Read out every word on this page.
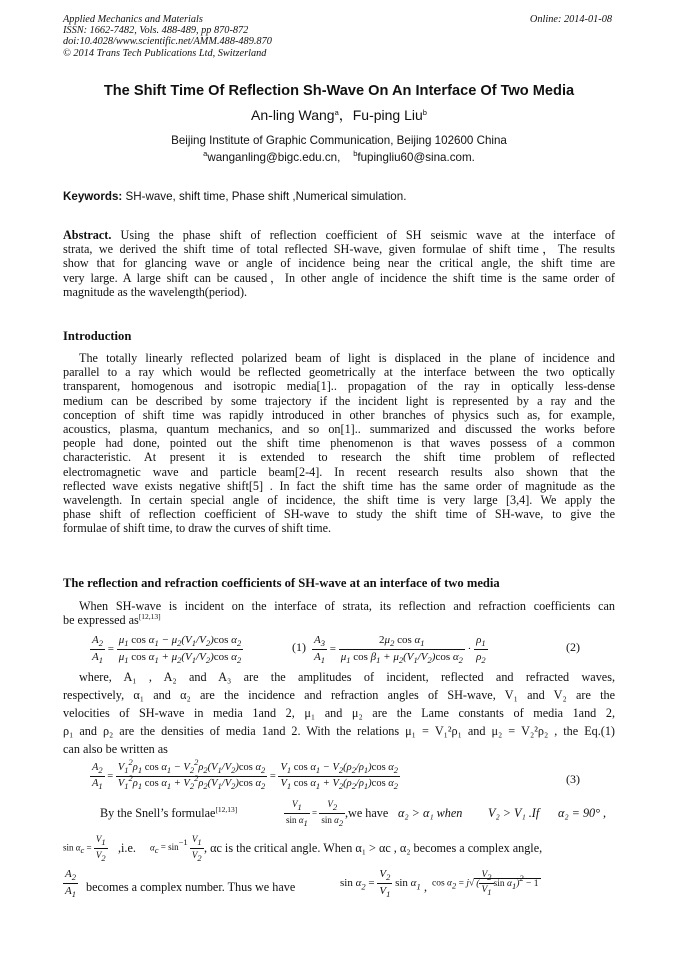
Applied Mechanics and Materials
ISSN: 1662-7482, Vols. 488-489, pp 870-872
doi:10.4028/www.scientific.net/AMM.488-489.870
© 2014 Trans Tech Publications Ltd, Switzerland
Online: 2014-01-08
The Shift Time Of Reflection Sh-Wave On An Interface Of Two Media
An-ling Wang$^a$，Fu-ping Liu$^b$
Beijing Institute of Graphic Communication, Beijing 102600 China
$^a$wanganling@bigc.edu.cn, $^b$fupingliu60@sina.com.
Keywords: SH-wave, shift time, Phase shift ,Numerical simulation.
Abstract. Using the phase shift of reflection coefficient of SH seismic wave at the interface of
strata, we derived the shift time of total reflected SH-wave, given formulae of shift time，The results
show that for glancing wave or angle of incidence being near the critical angle, the shift time are
very large. A large shift can be caused，In other angle of incidence the shift time is the same order of
magnitude as the wavelength(period).
Introduction
The totally linearly reflected polarized beam of light is displaced in the plane of incidence and
parallel to a ray which would be reflected geometrically at the interface between the two optically
transparent, homogenous and isotropic media[1].. propagation of the ray in optically less-dense
medium can be described by some trajectory if the incident light is represented by a ray and the
conception of shift time was rapidly introduced in other branches of physics such as, for example,
acoustics, plasma, quantum mechanics, and so on[1].. summarized and discussed the works before
people had done, pointed out the shift time phenomenon is that waves possess of a common
characteristic. At present it is extended to research the shift time problem of reflected
electromagnetic wave and particle beam[2-4]. In recent research results also shown that the
reflected wave exists negative shift[5] . In fact the shift time has the same order of magnitude as the
wavelength. In certain special angle of incidence, the shift time is very large [3,4]. We apply the
phase shift of reflection coefficient of SH-wave to study the shift time of SH-wave, to give the
formulae of shift time, to draw the curves of shift time.
The reflection and refraction coefficients of SH-wave at an interface of two media
When SH-wave is incident on the interface of strata, its reflection and refraction coefficients can
be expressed as[12,13]
$\frac{A_2}{A_1} = \frac{\mu_1 \cos \alpha_1 - \mu_2(V_1/V_2)\cos \alpha_2}{\mu_1 \cos \alpha_1 + \mu_2(V_1/V_2)\cos \alpha_2}$	$(1) \frac{A_3}{A_1} = \frac{2\mu_2 \cos \alpha_1}{\mu_1 \cos \beta_1 + \mu_2(V_1/V_2)\cos \alpha_2} \cdot \frac{\rho_1}{\rho_2}$	(2)
where, A₁ , A₂ and A₃ are the amplitudes of incident, reflected and refracted waves,
respectively, α₁ and α₂ are the incidence and refraction angles of SH-wave, V₁ and V₂ are the
velocities of SH-wave in media 1and 2, μ₁ and μ₂ are the Lame constants of media 1and 2,
ρ₁ and ρ₂ are the densities of media 1and 2. With the relations μ₁ = V₁²ρ₁ and μ₂ = V₂²ρ₂ , the Eq.(1)
can also be written as
$\frac{A_2}{A_1} = \frac{V_1^2\rho_1 \cos \alpha_1 - V_2^2\rho_2(V_1/V_2)\cos \alpha_2}{V_1^2\rho_1 \cos \alpha_1 + V_2^2\rho_2(V_1/V_2)\cos \alpha_2} = \frac{V_1 \cos \alpha_1 - V_2(\rho_2/\rho_1)\cos \alpha_2}{V_1 \cos \alpha_1 + V_2(\rho_2/\rho_1)\cos \alpha_2}$	(3)
By the Snell’s formulae[12,13]	$\frac{V_1}{\sin \alpha_1} = \frac{V_2}{\sin \alpha_2} ,we$ have α₂ > α₁ when V₂ > V₁ .If α₂ = 90° ,
$\sin \alpha_c = \frac{V_1}{V_2} ,i.e$. $\alpha_c = \sin^{-1} \frac{V_1}{V_2}$ , αc is the critical angle. When α₁ > αc , α₂ becomes a complex angle,
$\frac{A_2}{A_1}$ becomes a complex number. Thus we have	$\sin \alpha_2 = \frac{V_2}{V_1}$ $\sin \alpha_1$ , $\cos \alpha_2 = j√$ ( $\frac{V_2}{V_1}$ $\sin \alpha_1)^2 - 1$
